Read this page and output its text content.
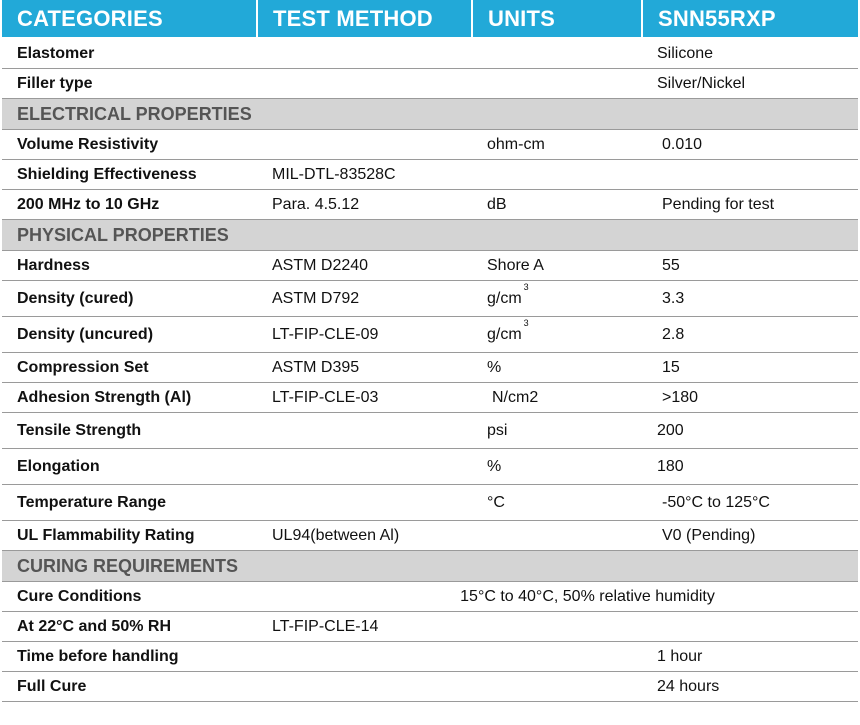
CATEGORIES	TEST METHOD	UNITS	SNN55RXP
Elastomer			Silicone
Filler type			Silver/Nickel
ELECTRICAL PROPERTIES			
Volume Resistivity		ohm-cm	0.010
Shielding Effectiveness	MIL-DTL-83528C		
200 MHz to 10 GHz	Para. 4.5.12	dB	Pending for test
PHYSICAL PROPERTIES			
Hardness	ASTM D2240	Shore A	55
Density (cured)	ASTM D792	$g/cm^3$	3.3
Density (uncured)	LT-FIP-CLE-09	$g/cm^3$	2.8
Compression Set	ASTM D395	%	15
Adhesion Strength (Al)	LT-FIP-CLE-03	N/cm2	>180
Tensile Strength		psi	200
Elongation		%	180
Temperature Range		°C	-50°C to 125°C
UL Flammability Rating	UL94(between Al)		V0 (Pending)
CURING REQUIREMENTS			
Cure Conditions	15°C to 40°C, 50% relative humidity		
At 22°C and 50% RH	LT-FIP-CLE-14		
Time before handling			1 hour
Full Cure			24 hours
